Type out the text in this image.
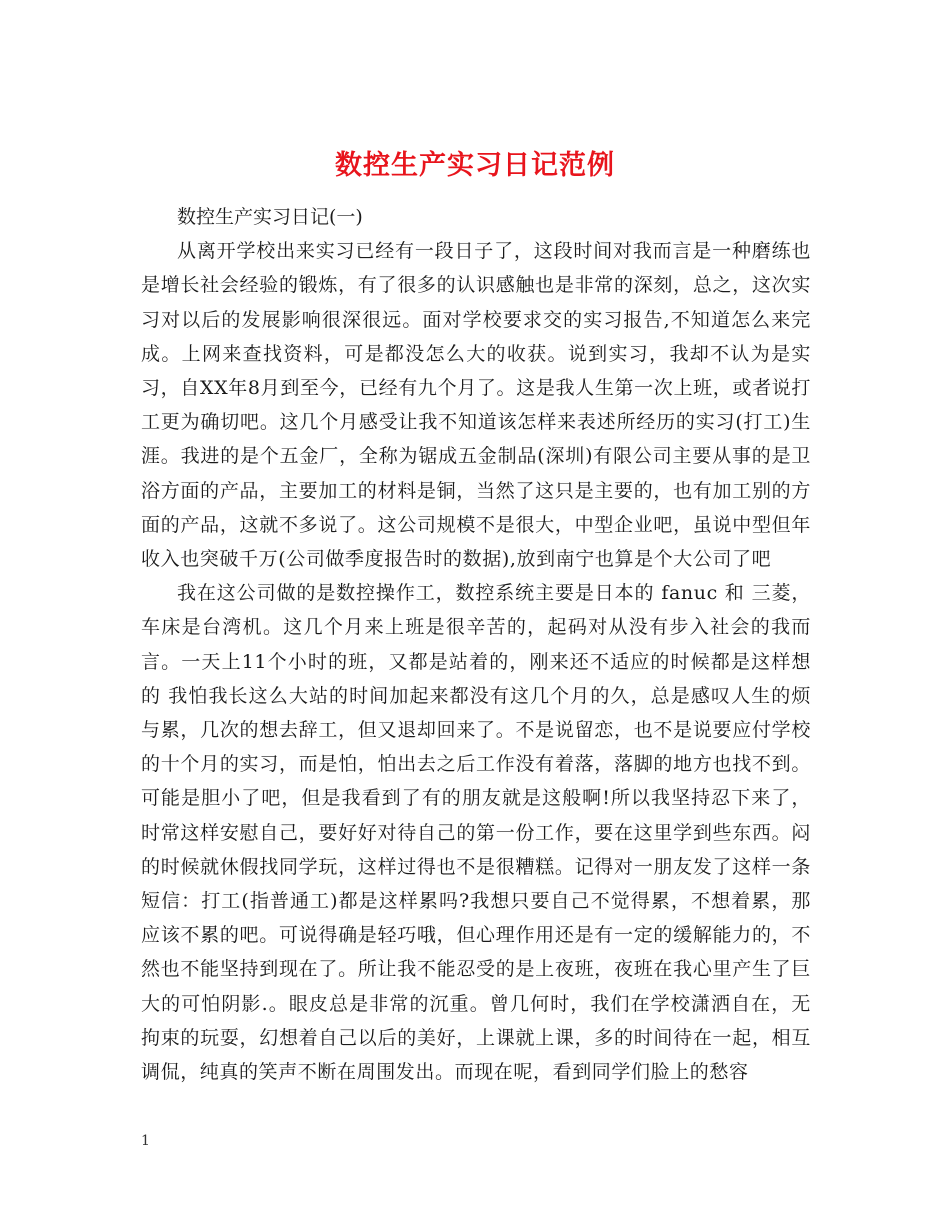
数控生产实习日记范例

数控生产实习日记(一)

从离开学校出来实习已经有一段日子了，这段时间对我而言是一种磨练也是增长社会经验的锻炼，有了很多的认识感触也是非常的深刻，总之，这次实习对以后的发展影响很深很远。面对学校要求交的实习报告,不知道怎么来完成。上网来查找资料，可是都没怎么大的收获。说到实习，我却不认为是实习，自XX年8月到至今，已经有九个月了。这是我人生第一次上班，或者说打工更为确切吧。这几个月感受让我不知道该怎样来表述所经历的实习(打工)生涯。我进的是个五金厂，全称为锯成五金制品(深圳)有限公司主要从事的是卫浴方面的产品，主要加工的材料是铜，当然了这只是主要的，也有加工别的方面的产品，这就不多说了。这公司规模不是很大，中型企业吧，虽说中型但年收入也突破千万(公司做季度报告时的数据),放到南宁也算是个大公司了吧

我在这公司做的是数控操作工，数控系统主要是日本的 fanuc 和 三菱，车床是台湾机。这几个月来上班是很辛苦的，起码对从没有步入社会的我而言。一天上11个小时的班，又都是站着的，刚来还不适应的时候都是这样想的 我怕我长这么大站的时间加起来都没有这几个月的久，总是感叹人生的烦与累，几次的想去辞工，但又退却回来了。不是说留恋，也不是说要应付学校的十个月的实习，而是怕，怕出去之后工作没有着落，落脚的地方也找不到。可能是胆小了吧，但是我看到了有的朋友就是这般啊!所以我坚持忍下来了，时常这样安慰自己，要好好对待自己的第一份工作，要在这里学到些东西。闷的时候就休假找同学玩，这样过得也不是很糟糕。记得对一朋友发了这样一条短信：打工(指普通工)都是这样累吗?我想只要自己不觉得累，不想着累，那应该不累的吧。可说得确是轻巧哦，但心理作用还是有一定的缓解能力的，不然也不能坚持到现在了。所让我不能忍受的是上夜班，夜班在我心里产生了巨大的可怕阴影.。眼皮总是非常的沉重。曾几何时，我们在学校潇洒自在，无拘束的玩耍，幻想着自己以后的美好，上课就上课，多的时间待在一起，相互调侃，纯真的笑声不断在周围发出。而现在呢，看到同学们脸上的愁容

1
